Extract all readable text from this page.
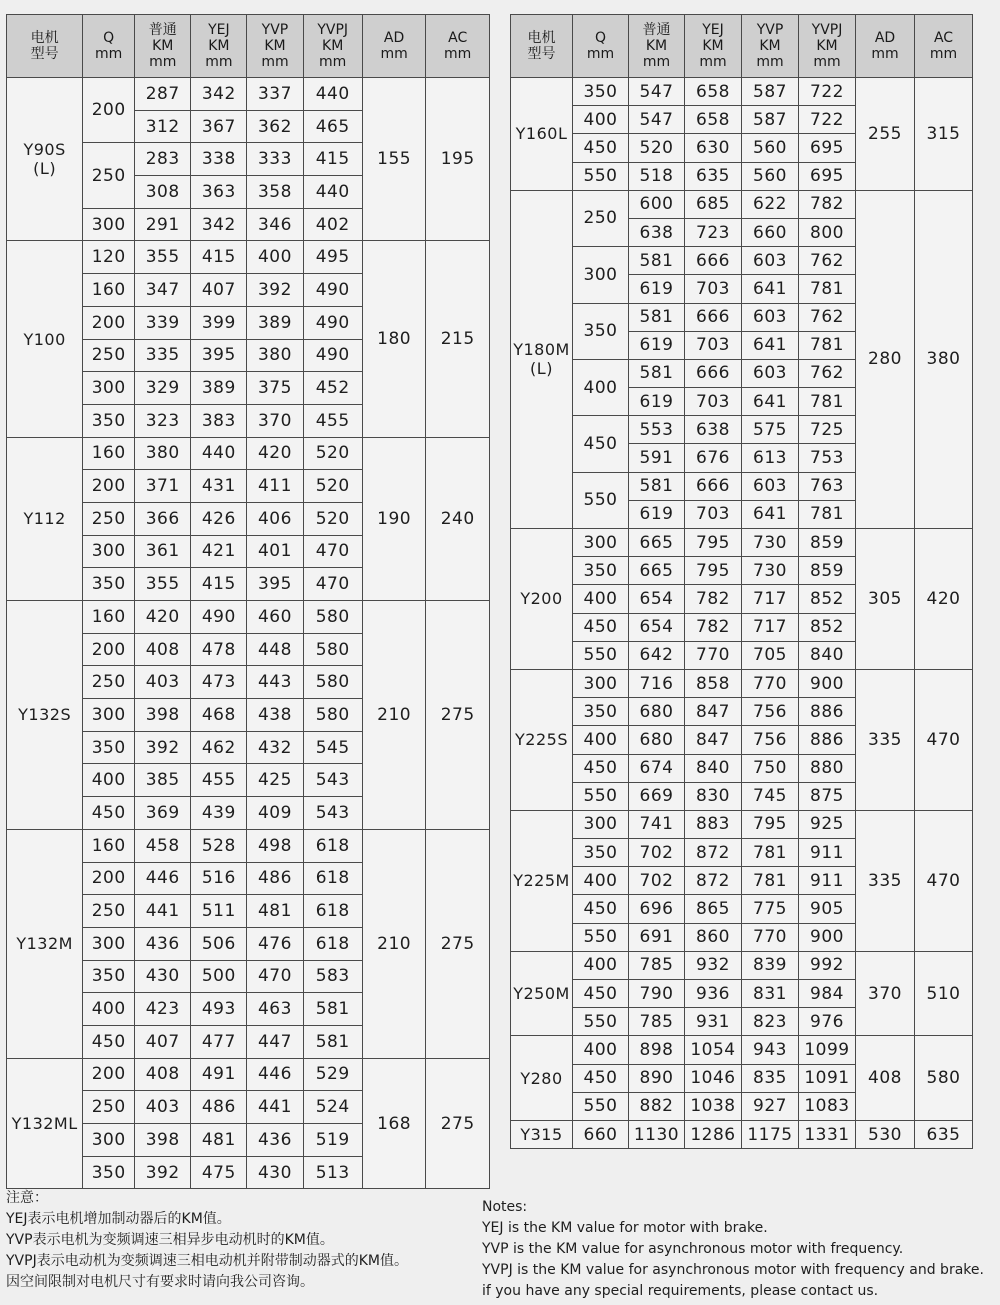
电机
型号	Q
mm	普通
KM
mm	YEJ
KM
mm	YVP
KM
mm	YVPJ
KM
mm	AD
mm	AC
mm
Y90S
(L)	200	287	342	337	440	155	195
		312	367	362	465		
	250	283	338	333	415		
		308	363	358	440		
	300	291	342	346	402		
Y100	120	355	415	400	495	180	215
	160	347	407	392	490		
	200	339	399	389	490		
	250	335	395	380	490		
	300	329	389	375	452		
	350	323	383	370	455		
Y112	160	380	440	420	520	190	240
	200	371	431	411	520		
	250	366	426	406	520		
	300	361	421	401	470		
	350	355	415	395	470		
Y132S	160	420	490	460	580	210	275
	200	408	478	448	580		
	250	403	473	443	580		
	300	398	468	438	580		
	350	392	462	432	545		
	400	385	455	425	543		
	450	369	439	409	543		
Y132M	160	458	528	498	618	210	275
	200	446	516	486	618		
	250	441	511	481	618		
	300	436	506	476	618		
	350	430	500	470	583		
	400	423	493	463	581		
	450	407	477	447	581		
Y132ML	200	408	491	446	529	168	275
	250	403	486	441	524		
	300	398	481	436	519		
	350	392	475	430	513		
电机
型号	Q
mm	普通
KM
mm	YEJ
KM
mm	YVP
KM
mm	YVPJ
KM
mm	AD
mm	AC
mm
Y160L	350	547	658	587	722	255	315
	400	547	658	587	722		
	450	520	630	560	695		
	550	518	635	560	695		
Y180M
(L)	250	600	685	622	782	280	380
		638	723	660	800		
	300	581	666	603	762		
		619	703	641	781		
	350	581	666	603	762		
		619	703	641	781		
	400	581	666	603	762		
		619	703	641	781		
	450	553	638	575	725		
		591	676	613	753		
	550	581	666	603	763		
		619	703	641	781		
Y200	300	665	795	730	859	305	420
	350	665	795	730	859		
	400	654	782	717	852		
	450	654	782	717	852		
	550	642	770	705	840		
Y225S	300	716	858	770	900	335	470
	350	680	847	756	886		
	400	680	847	756	886		
	450	674	840	750	880		
	550	669	830	745	875		
Y225M	300	741	883	795	925	335	470
	350	702	872	781	911		
	400	702	872	781	911		
	450	696	865	775	905		
	550	691	860	770	900		
Y250M	400	785	932	839	992	370	510
	450	790	936	831	984		
	550	785	931	823	976		
Y280	400	898	1054	943	1099	408	580
	450	890	1046	835	1091		
	550	882	1038	927	1083		
Y315	660	1130	1286	1175	1331	530	635
注意：
YEJ表示电机增加制动器后的KM值。
YVP表示电机为变频调速三相异步电动机时的KM值。
YVPJ表示电动机为变频调速三相电动机并附带制动器式的KM值。
因空间限制对电机尺寸有要求时请向我公司咨询。
Notes:
YEJ is the KM value for motor with brake.
YVP is the KM value for asynchronous motor with frequency.
YVPJ is the KM value for asynchronous motor with frequency and brake.
if you have any special requirements, please contact us.
